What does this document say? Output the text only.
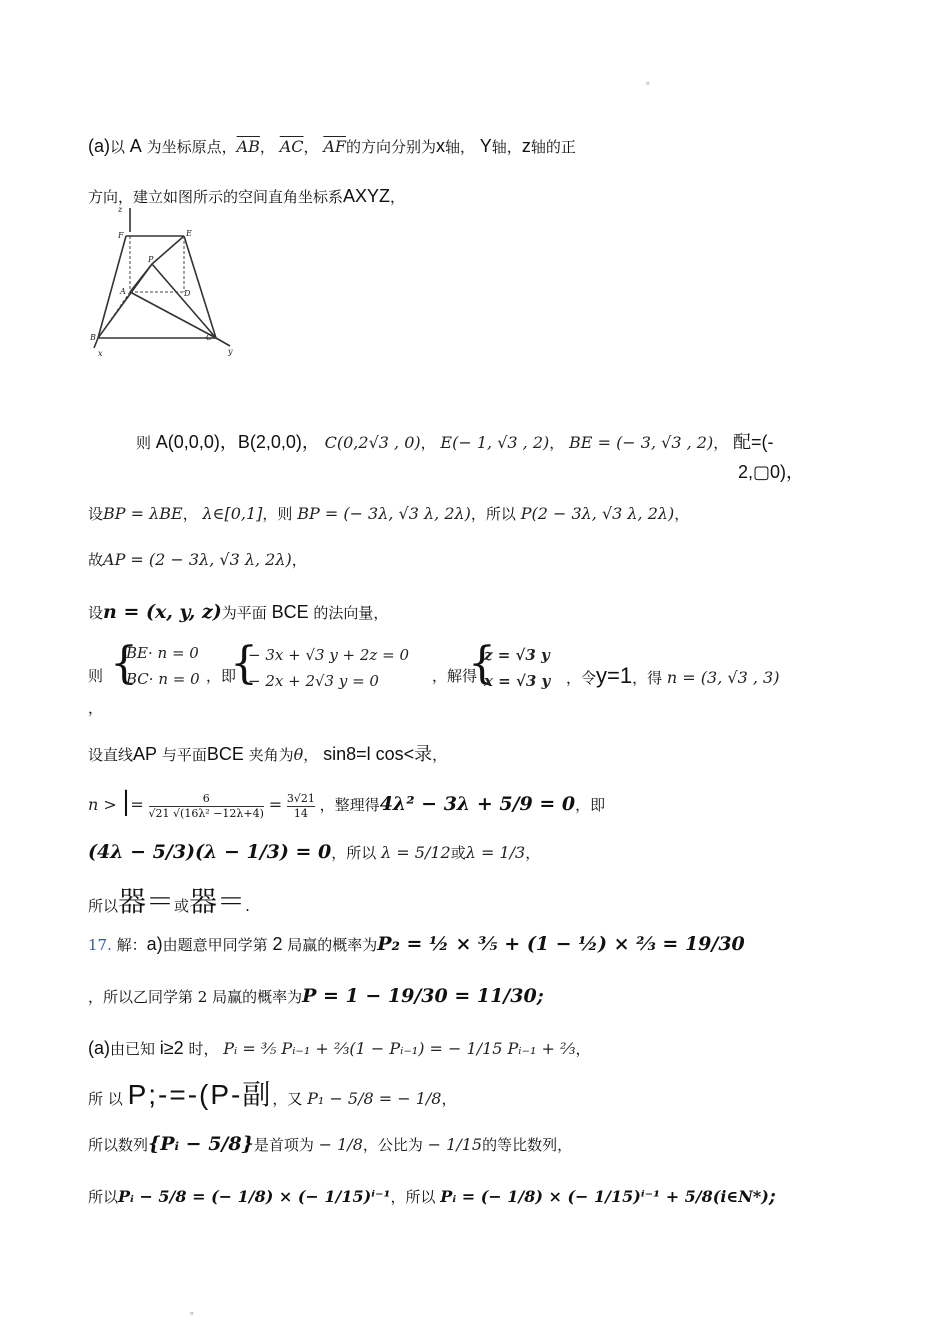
。
(a)以 A 为坐标原点，$\overline{AB}$， $\overline{AC}$， $\overline{AF}$的方向分别为x轴， Y轴，z轴的正
方向，建立如图所示的空间直角坐标系AXYZ，
z
F	E
P
A	D
B	C
x	y
则 A(0,0,0)，B(2,0,0)， C(0,2√3 , 0)， E(− 1, √3 , 2)， BE = (− 3, √3 , 2)， 配=(-
2,▢0)，
设BP = λBE， λ∈[0,1]，则 BP = (− 3λ, √3 λ, 2λ)，所以 P(2 − 3λ, √3 λ, 2λ)，
故AP = (2 − 3λ, √3 λ, 2λ)，
设n = (x, y, z)为平面 BCE 的法向量，
则 {
BE· n = 0
BC· n = 0 ，即
{
− 3x + √3 y + 2z = 0
− 2x + 2√3 y = 0	，解得
{
z = √3 y
x = √3 y ，令y=1，得 n = (3, √3 , 3)
，
设直线AP 与平面BCE 夹角为θ， sin8=l cos<录，
n > |= $\frac{6}{\text{√21 √(16λ² −12λ+4)}} = \frac{3√21}{14}$ ，整理得4λ² − 3λ + 5/9 = 0，即
(4λ − 5/3)(λ − 1/3) = 0，所以 λ = 5/12或λ = 1/3，
所以器＝或器＝.
17. 解：a)由题意甲同学第 2 局赢的概率为P₂ = ½ × ⅗ + (1 − ½) × ⅔ = 19/30
，所以乙同学第 2 局赢的概率为P = 1 − 19/30 = 11/30;
(a)由已知 i≥2 时， Pᵢ = ⅗ Pᵢ₋₁ + ⅔(1 − Pᵢ₋₁) = − 1/15 Pᵢ₋₁ + ⅔，
所 以 P;-=-(P-副，又 P₁ − 5/8 = − 1/8，
所以数列{Pᵢ − 5/8}是首项为 − 1/8，公比为 − 1/15的等比数列，
所以Pᵢ − 5/8 = (− 1/8) × (− 1/15)ⁱ⁻¹，所以 Pᵢ = (− 1/8) × (− 1/15)ⁱ⁻¹ + 5/8(i∈N*);
。
